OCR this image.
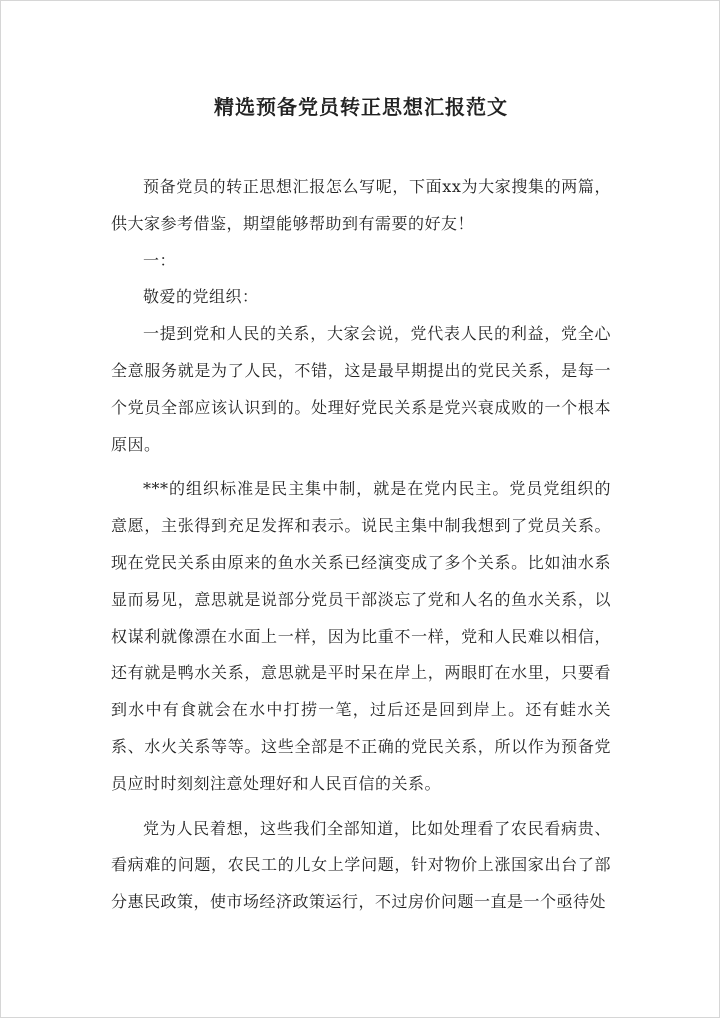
精选预备党员转正思想汇报范文

预备党员的转正思想汇报怎么写呢，下面xx为大家搜集的两篇，供大家参考借鉴，期望能够帮助到有需要的好友！

一：

敬爱的党组织：

一提到党和人民的关系，大家会说，党代表人民的利益，党全心全意服务就是为了人民，不错，这是最早期提出的党民关系，是每一个党员全部应该认识到的。处理好党民关系是党兴衰成败的一个根本原因。

***的组织标准是民主集中制，就是在党内民主。党员党组织的意愿，主张得到充足发挥和表示。说民主集中制我想到了党员关系。现在党民关系由原来的鱼水关系已经演变成了多个关系。比如油水系显而易见，意思就是说部分党员干部淡忘了党和人名的鱼水关系，以权谋利就像漂在水面上一样，因为比重不一样，党和人民难以相信，还有就是鸭水关系，意思就是平时呆在岸上，两眼盯在水里，只要看到水中有食就会在水中打捞一笔，过后还是回到岸上。还有蛙水关系、水火关系等等。这些全部是不正确的党民关系，所以作为预备党员应时时刻刻注意处理好和人民百信的关系。

党为人民着想，这些我们全部知道，比如处理看了农民看病贵、看病难的问题，农民工的儿女上学问题，针对物价上涨国家出台了部分惠民政策，使市场经济政策运行，不过房价问题一直是一个亟待处
